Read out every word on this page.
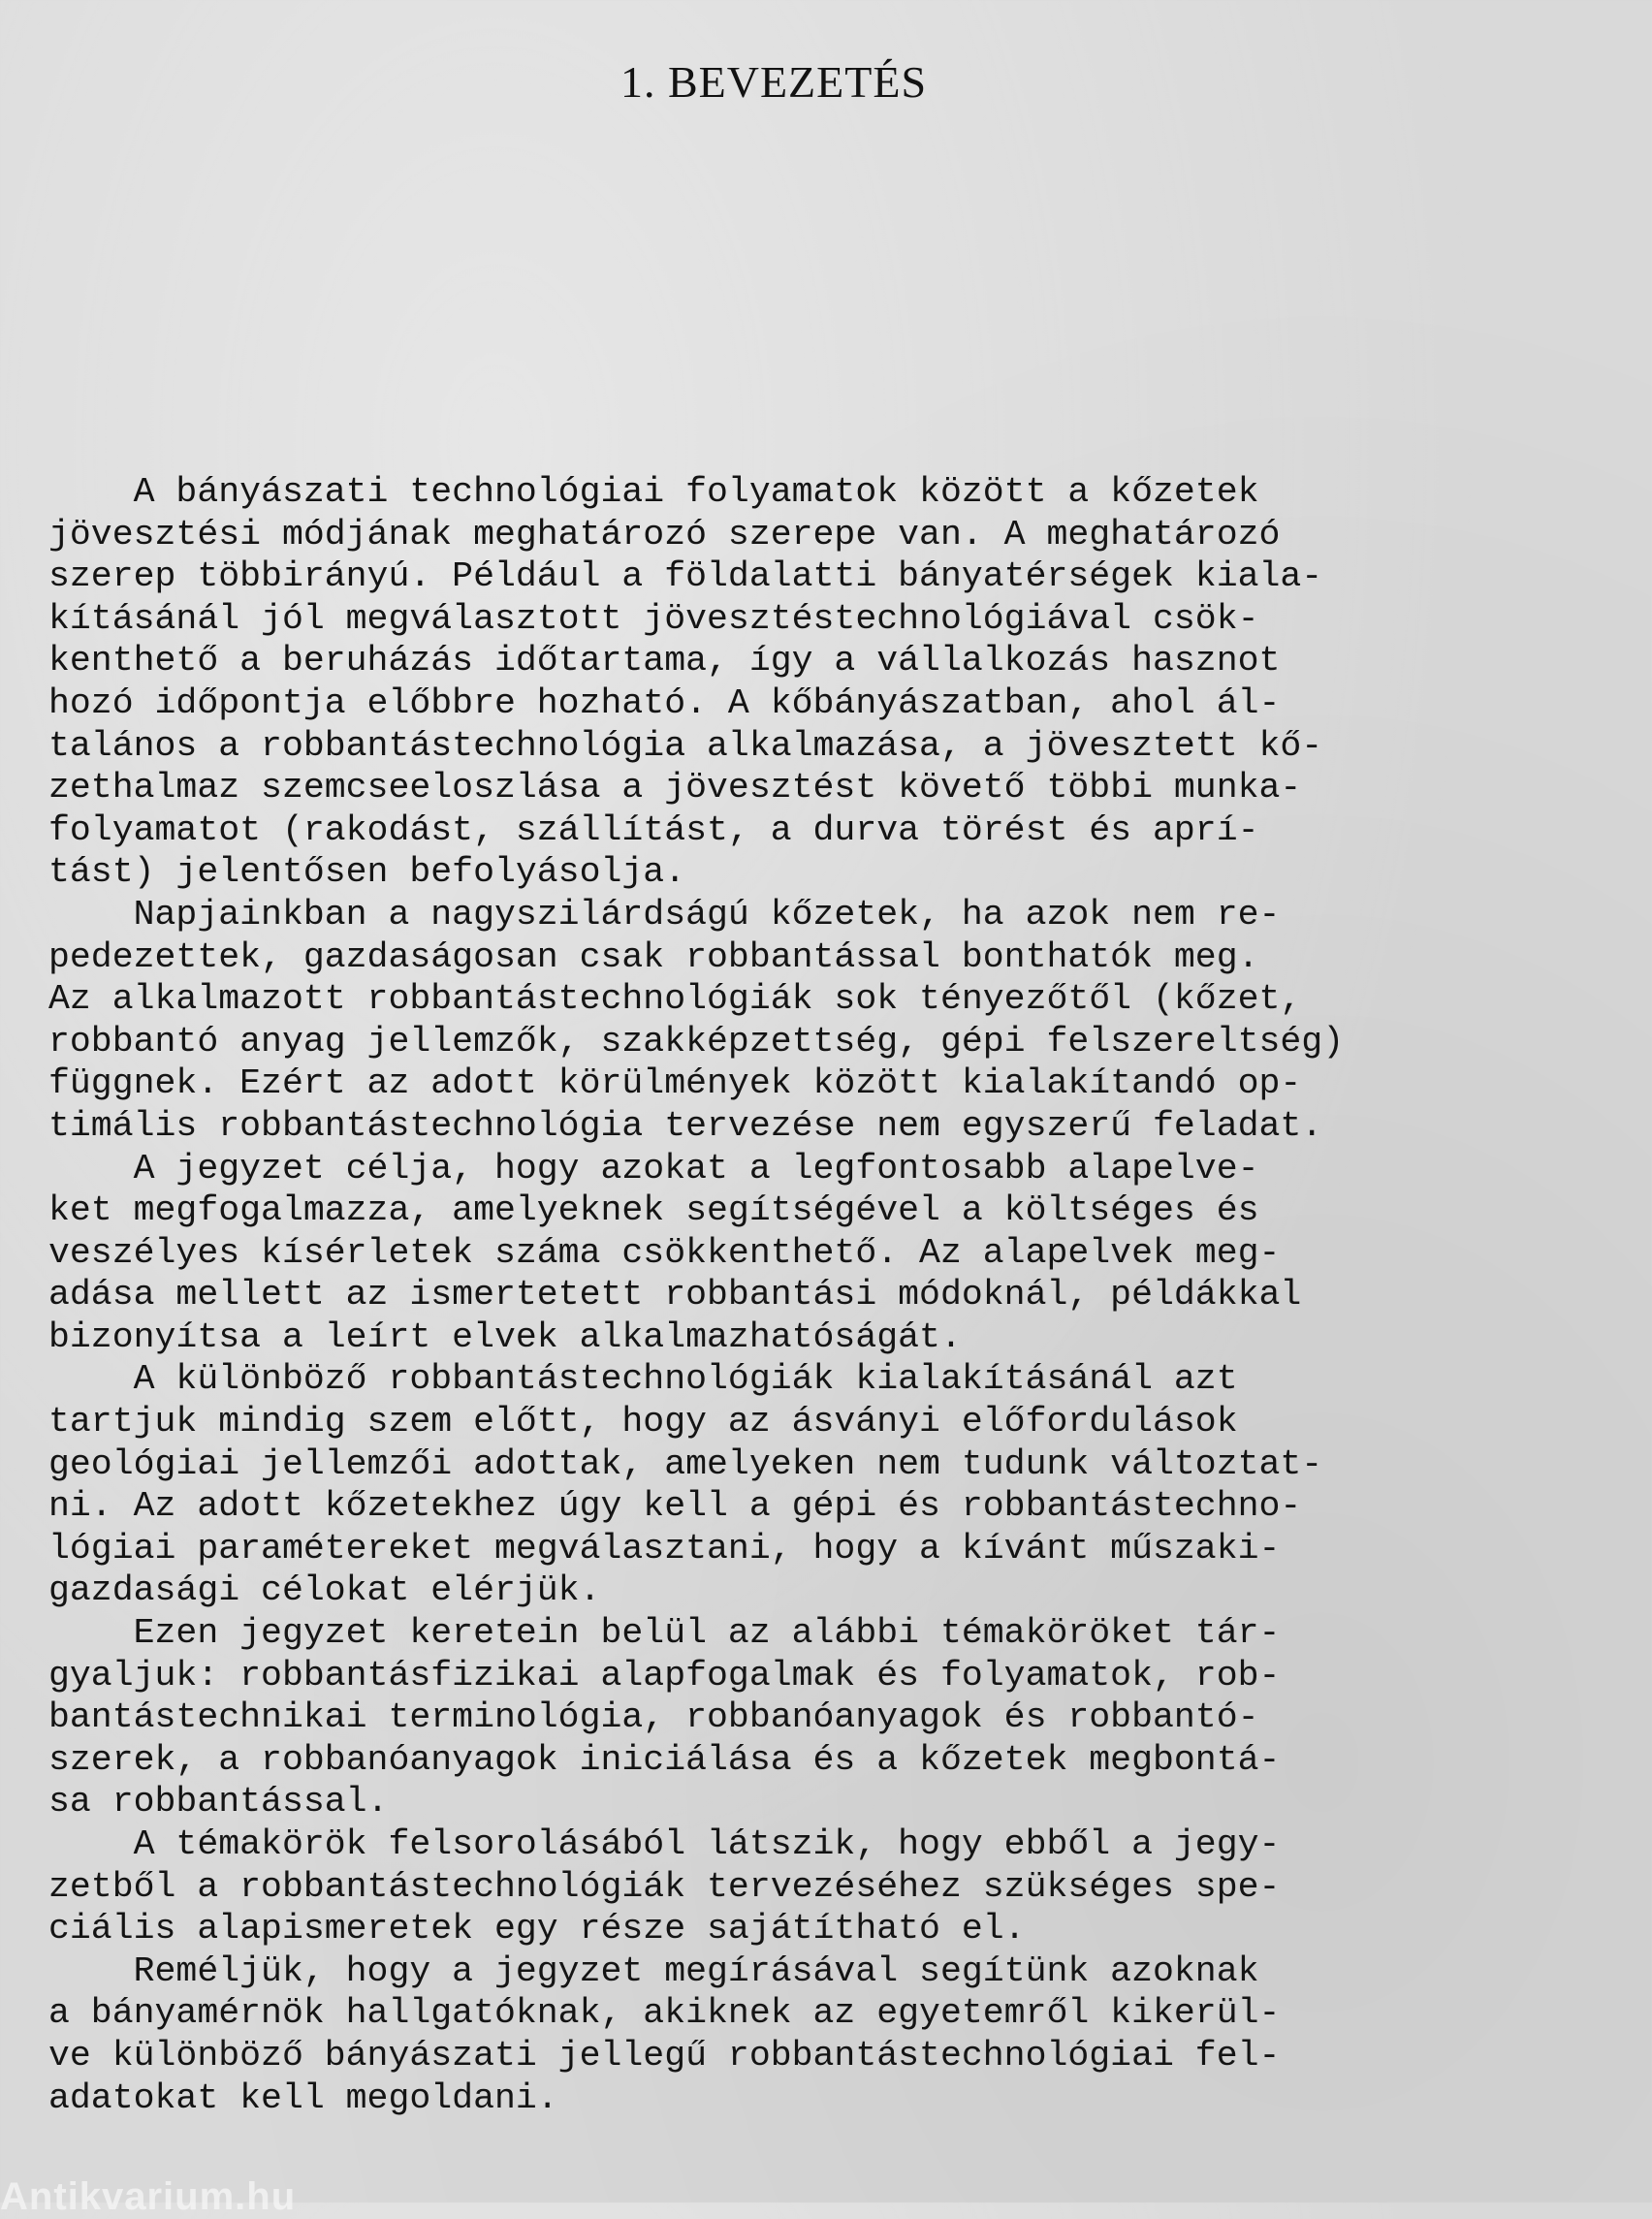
1. BEVEZETÉS
A bányászati technológiai folyamatok között a kőzetek
jövesztési módjának meghatározó szerepe van. A meghatározó
szerep többirányú. Például a földalatti bányatérségek kiala-
kításánál jól megválasztott jövesztéstechnológiával csök-
kenthető a beruházás időtartama, így a vállalkozás hasznot
hozó időpontja előbbre hozható. A kőbányászatban, ahol ál-
talános a robbantástechnológia alkalmazása, a jövesztett kő-
zethalmaz szemcseeloszlása a jövesztést követő többi munka-
folyamatot (rakodást, szállítást, a durva törést és aprí-
tást) jelentősen befolyásolja.
Napjainkban a nagyszilárdságú kőzetek, ha azok nem re-
pedezettek, gazdaságosan csak robbantással bonthatók meg.
Az alkalmazott robbantástechnológiák sok tényezőtől (kőzet,
robbantó anyag jellemzők, szakképzettség, gépi felszereltség)
függnek. Ezért az adott körülmények között kialakítandó op-
timális robbantástechnológia tervezése nem egyszerű feladat.
A jegyzet célja, hogy azokat a legfontosabb alapelve-
ket megfogalmazza, amelyeknek segítségével a költséges és
veszélyes kísérletek száma csökkenthető. Az alapelvek meg-
adása mellett az ismertetett robbantási módoknál, példákkal
bizonyítsa a leírt elvek alkalmazhatóságát.
A különböző robbantástechnológiák kialakításánál azt
tartjuk mindig szem előtt, hogy az ásványi előfordulások
geológiai jellemzői adottak, amelyeken nem tudunk változtat-
ni. Az adott kőzetekhez úgy kell a gépi és robbantástechno-
lógiai paramétereket megválasztani, hogy a kívánt műszaki-
gazdasági célokat elérjük.
Ezen jegyzet keretein belül az alábbi témaköröket tár-
gyaljuk: robbantásfizikai alapfogalmak és folyamatok, rob-
bantástechnikai terminológia, robbanóanyagok és robbantó-
szerek, a robbanóanyagok iniciálása és a kőzetek megbontá-
sa robbantással.
A témakörök felsorolásából látszik, hogy ebből a jegy-
zetből a robbantástechnológiák tervezéséhez szükséges spe-
ciális alapismeretek egy része sajátítható el.
Reméljük, hogy a jegyzet megírásával segítünk azoknak
a bányamérnök hallgatóknak, akiknek az egyetemről kikerül-
ve különböző bányászati jellegű robbantástechnológiai fel-
adatokat kell megoldani.
Antikvarium.hu
